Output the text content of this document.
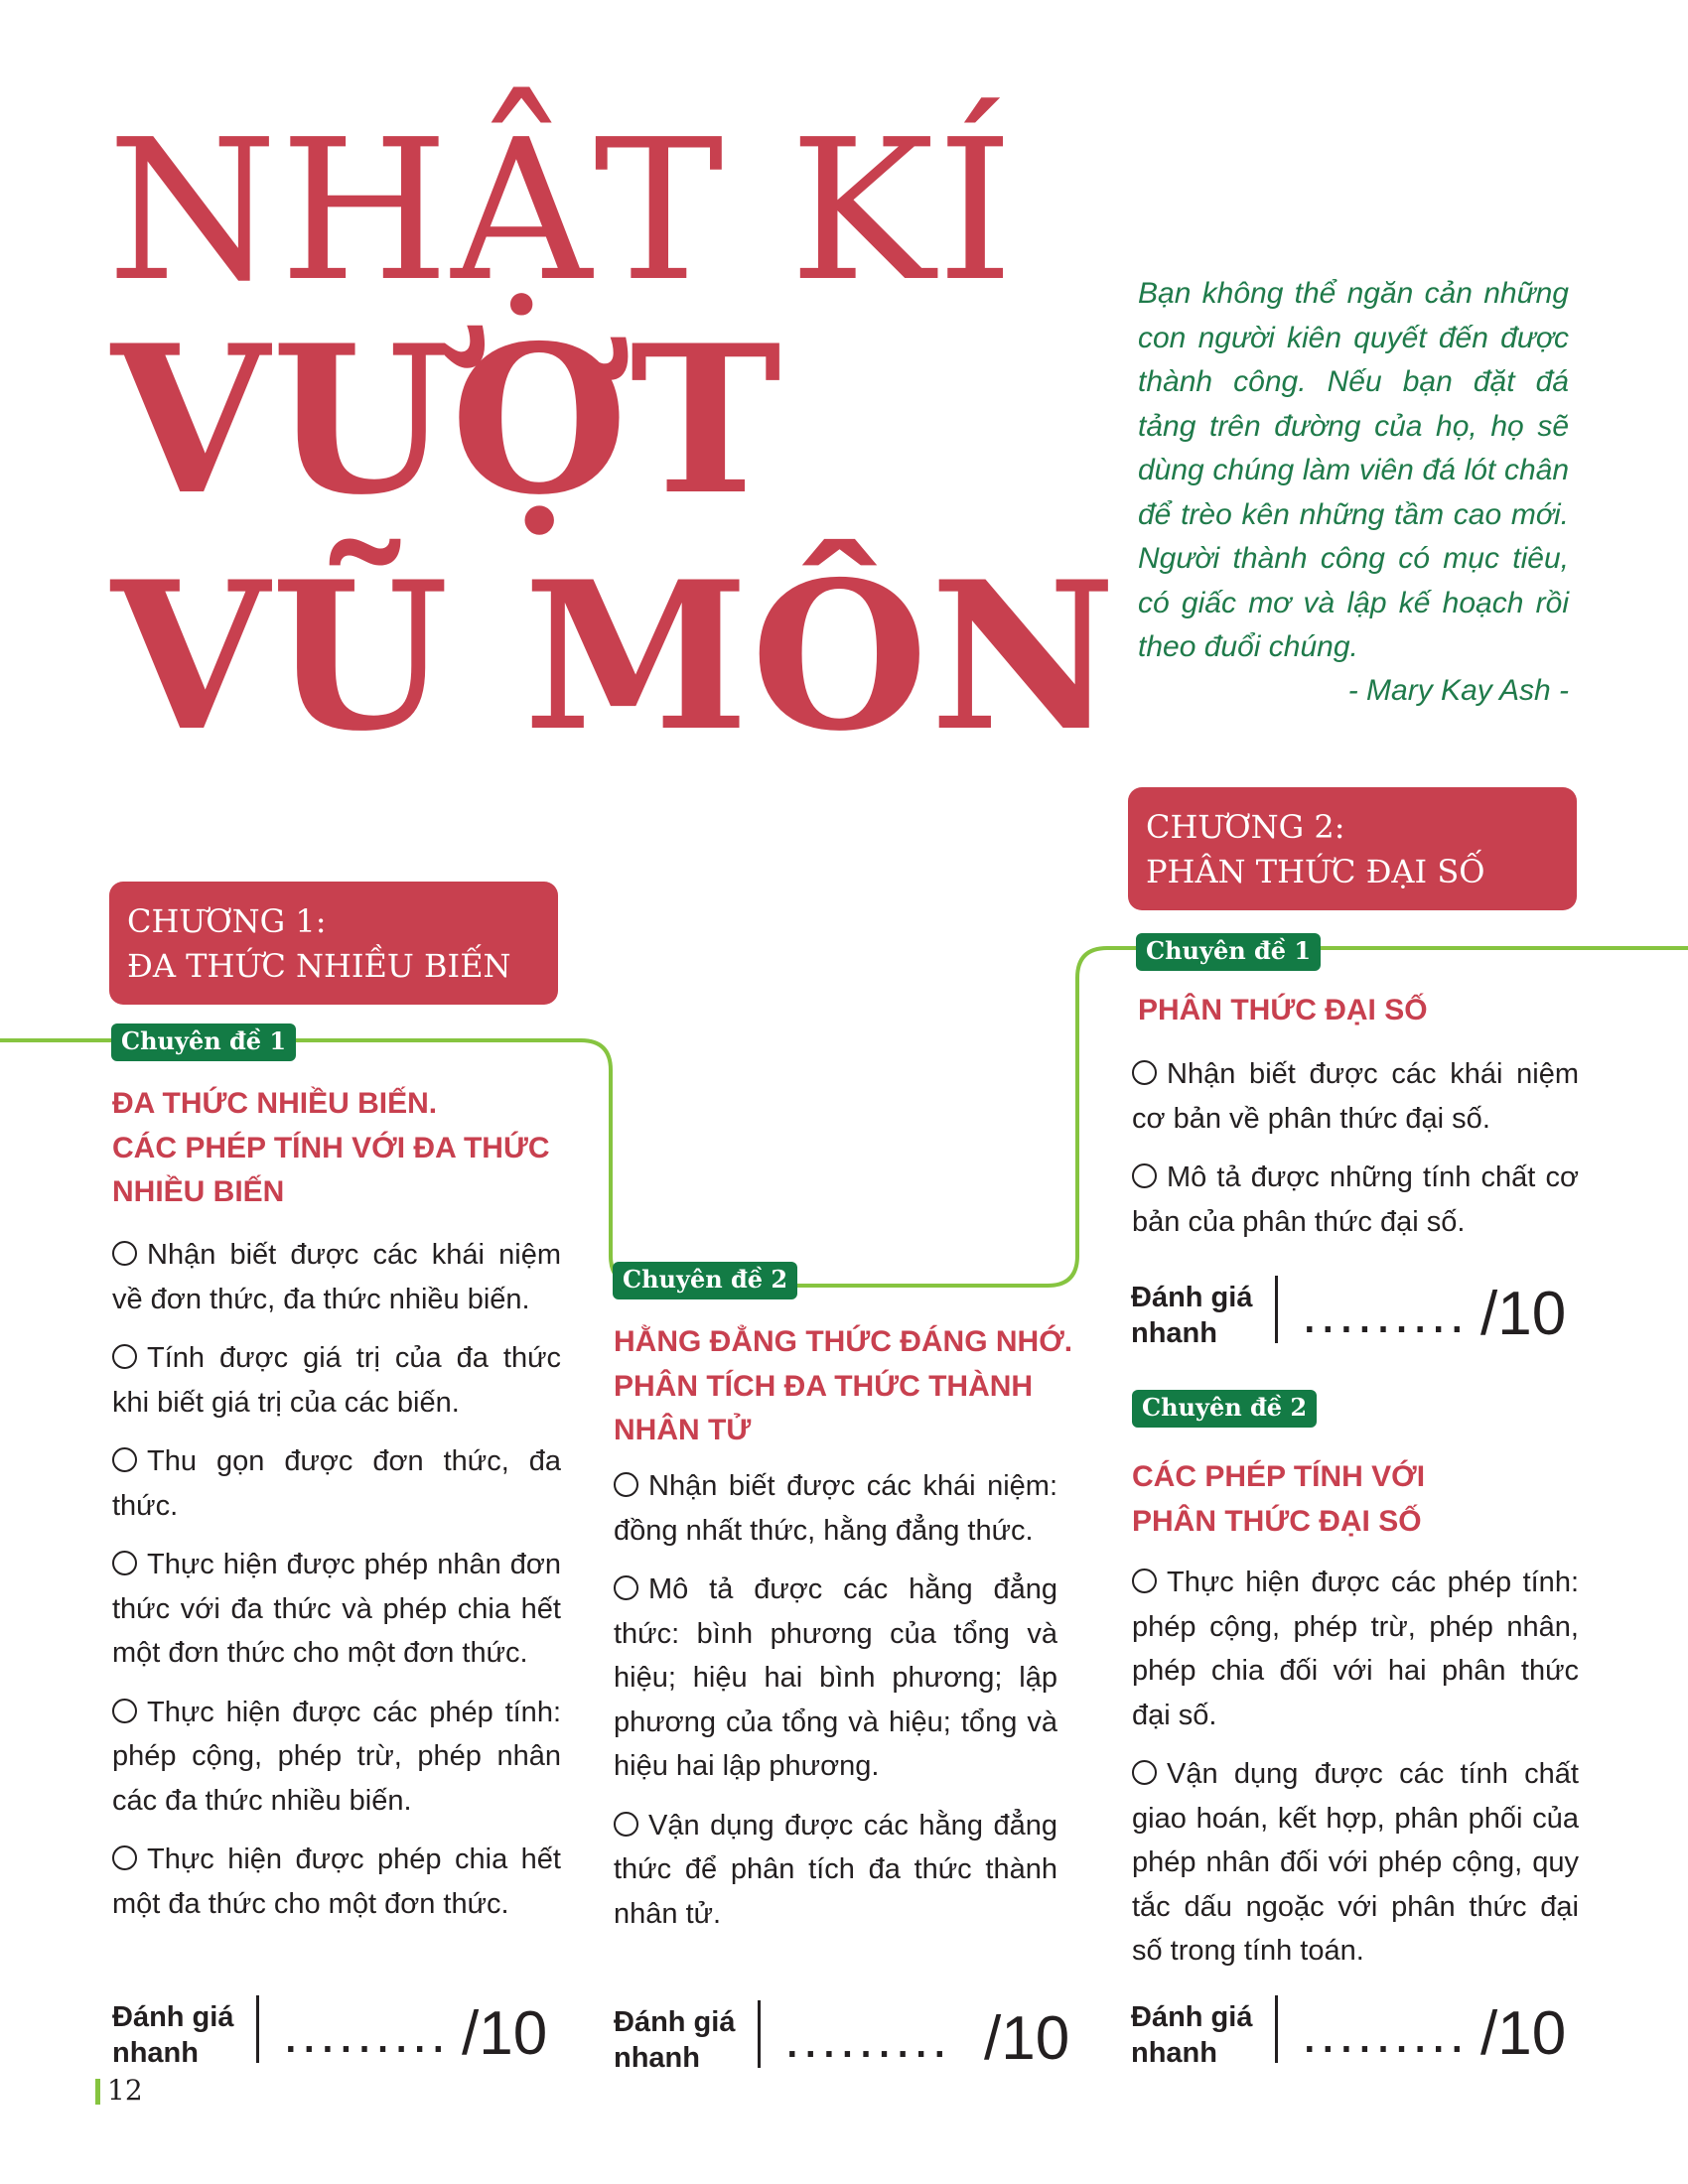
NHẬT KÍ
VƯỢT
VŨ MÔN
Bạn không thể ngăn cản những con người kiên quyết đến được thành công. Nếu bạn đặt đá tảng trên đường của họ, họ sẽ dùng chúng làm viên đá lót chân để trèo kên những tầm cao mới. Người thành công có mục tiêu, có giấc mơ và lập kế hoạch rồi theo đuổi chúng.
- Mary Kay Ash -
CHƯƠNG 1:
ĐA THỨC NHIỀU BIẾN
CHƯƠNG 2:
PHÂN THỨC ĐẠI SỐ
Chuyên đề 1
ĐA THỨC NHIỀU BIẾN.
CÁC PHÉP TÍNH VỚI ĐA THỨC
NHIỀU BIẾN
Nhận biết được các khái niệm về đơn thức, đa thức nhiều biến.
Tính được giá trị của đa thức khi biết giá trị của các biến.
Thu gọn được đơn thức, đa thức.
Thực hiện được phép nhân đơn thức với đa thức và phép chia hết một đơn thức cho một đơn thức.
Thực hiện được các phép tính: phép cộng, phép trừ, phép nhân các đa thức nhiều biến.
Thực hiện được phép chia hết một đa thức cho một đơn thức.
Đánh giá
nhanh	......... /10
Chuyên đề 2
HẰNG ĐẲNG THỨC ĐÁNG NHỚ.
PHÂN TÍCH ĐA THỨC THÀNH
NHÂN TỬ
Nhận biết được các khái niệm: đồng nhất thức, hằng đẳng thức.
Mô tả được các hằng đẳng thức: bình phương của tổng và hiệu; hiệu hai bình phương; lập phương của tổng và hiệu; tổng và hiệu hai lập phương.
Vận dụng được các hằng đẳng thức để phân tích đa thức thành nhân tử.
Đánh giá
nhanh	......... /10
Chuyên đề 1
PHÂN THỨC ĐẠI SỐ
Nhận biết được các khái niệm cơ bản về phân thức đại số.
Mô tả được những tính chất cơ bản của phân thức đại số.
Đánh giá
nhanh	......... /10
Chuyên đề 2
CÁC PHÉP TÍNH VỚI
PHÂN THỨC ĐẠI SỐ
Thực hiện được các phép tính: phép cộng, phép trừ, phép nhân, phép chia đối với hai phân thức đại số.
Vận dụng được các tính chất giao hoán, kết hợp, phân phối của phép nhân đối với phép cộng, quy tắc dấu ngoặc với phân thức đại số trong tính toán.
Đánh giá
nhanh	......... /10
12
